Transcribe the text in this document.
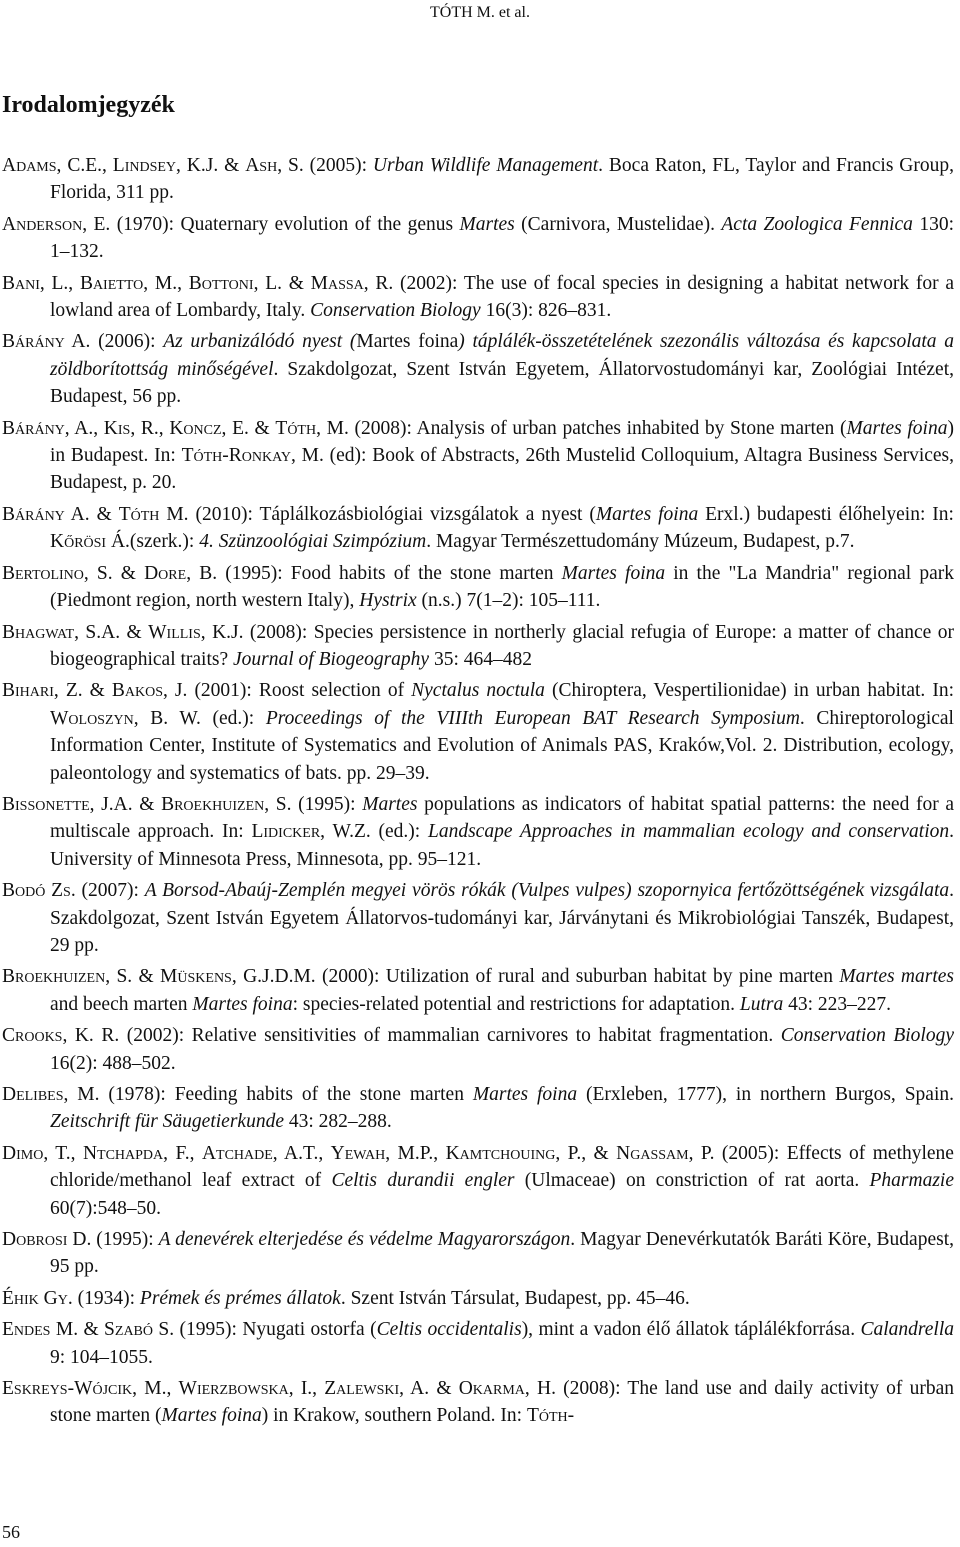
TÓTH M. et al.
Irodalomjegyzék
Adams, C.E., Lindsey, K.J. & Ash, S. (2005): Urban Wildlife Management. Boca Raton, FL, Taylor and Francis Group, Florida, 311 pp.
Anderson, E. (1970): Quaternary evolution of the genus Martes (Carnivora, Mustelidae). Acta Zoologica Fennica 130: 1–132.
Bani, L., Baietto, M., Bottoni, L. & Massa, R. (2002): The use of focal species in designing a habitat network for a lowland area of Lombardy, Italy. Conservation Biology 16(3): 826–831.
Bárány A. (2006): Az urbanizálódó nyest (Martes foina) táplálék-összetételének szezonális változása és kapcsolata a zöldborítottság minőségével. Szakdolgozat, Szent István Egyetem, Állatorvostudományi kar, Zoológiai Intézet, Budapest, 56 pp.
Bárány, A., Kis, R., Koncz, E. & Tóth, M. (2008): Analysis of urban patches inhabited by Stone marten (Martes foina) in Budapest. In: Tóth-Ronkay, M. (ed): Book of Abstracts, 26th Mustelid Colloquium, Altagra Business Services, Budapest, p. 20.
Bárány A. & Tóth M. (2010): Táplálkozásbiológiai vizsgálatok a nyest (Martes foina Erxl.) budapesti élőhelyein: In: Kőrösi Á.(szerk.): 4. Szünzoológiai Szimpózium. Magyar Természettudomány Múzeum, Budapest, p.7.
Bertolino, S. & Dore, B. (1995): Food habits of the stone marten Martes foina in the "La Mandria" regional park (Piedmont region, north western Italy), Hystrix (n.s.) 7(1–2): 105–111.
Bhagwat, S.A. & Willis, K.J. (2008): Species persistence in northerly glacial refugia of Europe: a matter of chance or biogeographical traits? Journal of Biogeography 35: 464–482
Bihari, Z. & Bakos, J. (2001): Roost selection of Nyctalus noctula (Chiroptera, Vespertilionidae) in urban habitat. In: Woloszyn, B. W. (ed.): Proceedings of the VIIIth European BAT Research Symposium. Chireptorological Information Center, Institute of Systematics and Evolution of Animals PAS, Kraków,Vol. 2. Distribution, ecology, paleontology and systematics of bats. pp. 29–39.
Bissonette, J.A. & Broekhuizen, S. (1995): Martes populations as indicators of habitat spatial patterns: the need for a multiscale approach. In: Lidicker, W.Z. (ed.): Landscape Approaches in mammalian ecology and conservation. University of Minnesota Press, Minnesota, pp. 95–121.
Bodó Zs. (2007): A Borsod-Abaúj-Zemplén megyei vörös rókák (Vulpes vulpes) szopornyica fertőzöttségének vizsgálata. Szakdolgozat, Szent István Egyetem Állatorvos-tudományi kar, Járványtani és Mikrobiológiai Tanszék, Budapest, 29 pp.
Broekhuizen, S. & Müskens, G.J.D.M. (2000): Utilization of rural and suburban habitat by pine marten Martes martes and beech marten Martes foina: species-related potential and restrictions for adaptation. Lutra 43: 223–227.
Crooks, K. R. (2002): Relative sensitivities of mammalian carnivores to habitat fragmentation. Conservation Biology 16(2): 488–502.
Delibes, M. (1978): Feeding habits of the stone marten Martes foina (Erxleben, 1777), in northern Burgos, Spain. Zeitschrift für Säugetierkunde 43: 282–288.
Dimo, T., Ntchapda, F., Atchade, A.T., Yewah, M.P., Kamtchouing, P., & Ngassam, P. (2005): Effects of methylene chloride/methanol leaf extract of Celtis durandii engler (Ulmaceae) on constriction of rat aorta. Pharmazie 60(7):548–50.
Dobrosi D. (1995): A denevérek elterjedése és védelme Magyarországon. Magyar Denevérkutatók Baráti Köre, Budapest, 95 pp.
Éhik Gy. (1934): Prémek és prémes állatok. Szent István Társulat, Budapest, pp. 45–46.
Endes M. & Szabó S. (1995): Nyugati ostorfa (Celtis occidentalis), mint a vadon élő állatok táplálékforrása. Calandrella 9: 104–1055.
Eskreys-Wójcik, M., Wierzbowska, I., Zalewski, A. & Okarma, H. (2008): The land use and daily activity of urban stone marten (Martes foina) in Krakow, southern Poland. In: Tóth-
56
